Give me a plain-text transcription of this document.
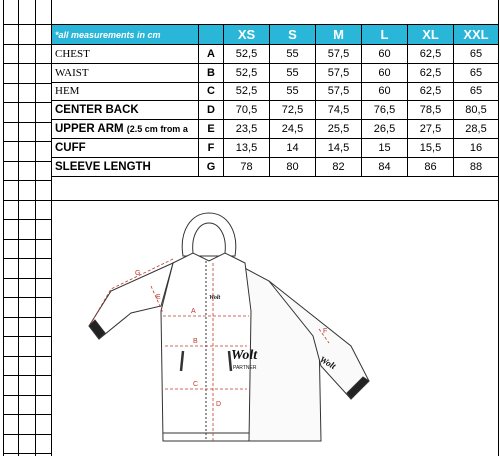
*all measurements in cm		XS	S	M	L	XL	XXL
CHEST	A	52,5	55	57,5	60	62,5	65
WAIST	B	52,5	55	57,5	60	62,5	65
HEM	C	52,5	55	57,5	60	62,5	65
CENTER BACK	D	70,5	72,5	74,5	76,5	78,5	80,5
UPPER ARM (2.5 cm from a	E	23,5	24,5	25,5	26,5	27,5	28,5
CUFF	F	13,5	14	14,5	15	15,5	16
SLEEVE LENGTH	G	78	80	82	84	86	88
A
B
C
D
E
F
G
Wolt
PARTNER	Wolt
Wolt
